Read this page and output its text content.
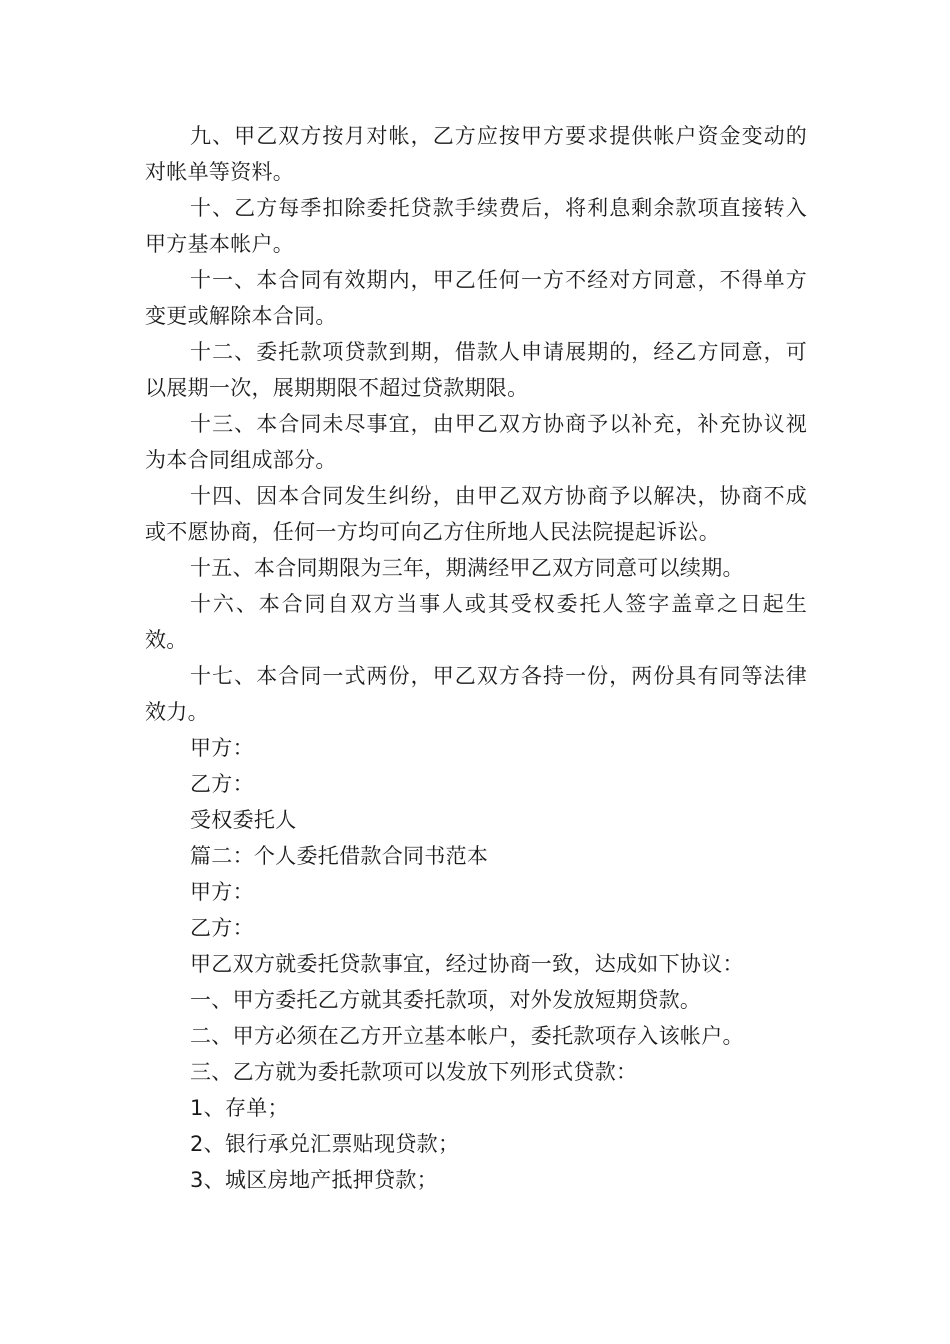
九、甲乙双方按月对帐，乙方应按甲方要求提供帐户资金变动的对帐单等资料。

十、乙方每季扣除委托贷款手续费后，将利息剩余款项直接转入甲方基本帐户。

十一、本合同有效期内，甲乙任何一方不经对方同意，不得单方变更或解除本合同。

十二、委托款项贷款到期，借款人申请展期的，经乙方同意，可以展期一次，展期期限不超过贷款期限。

十三、本合同未尽事宜，由甲乙双方协商予以补充，补充协议视为本合同组成部分。

十四、因本合同发生纠纷，由甲乙双方协商予以解决，协商不成或不愿协商，任何一方均可向乙方住所地人民法院提起诉讼。

十五、本合同期限为三年，期满经甲乙双方同意可以续期。

十六、本合同自双方当事人或其受权委托人签字盖章之日起生效。

十七、本合同一式两份，甲乙双方各持一份，两份具有同等法律效力。

甲方：

乙方：

受权委托人

篇二：个人委托借款合同书范本

甲方：

乙方：

甲乙双方就委托贷款事宜，经过协商一致，达成如下协议：

一、甲方委托乙方就其委托款项，对外发放短期贷款。

二、甲方必须在乙方开立基本帐户，委托款项存入该帐户。

三、乙方就为委托款项可以发放下列形式贷款：

1、存单；

2、银行承兑汇票贴现贷款；

3、城区房地产抵押贷款；
